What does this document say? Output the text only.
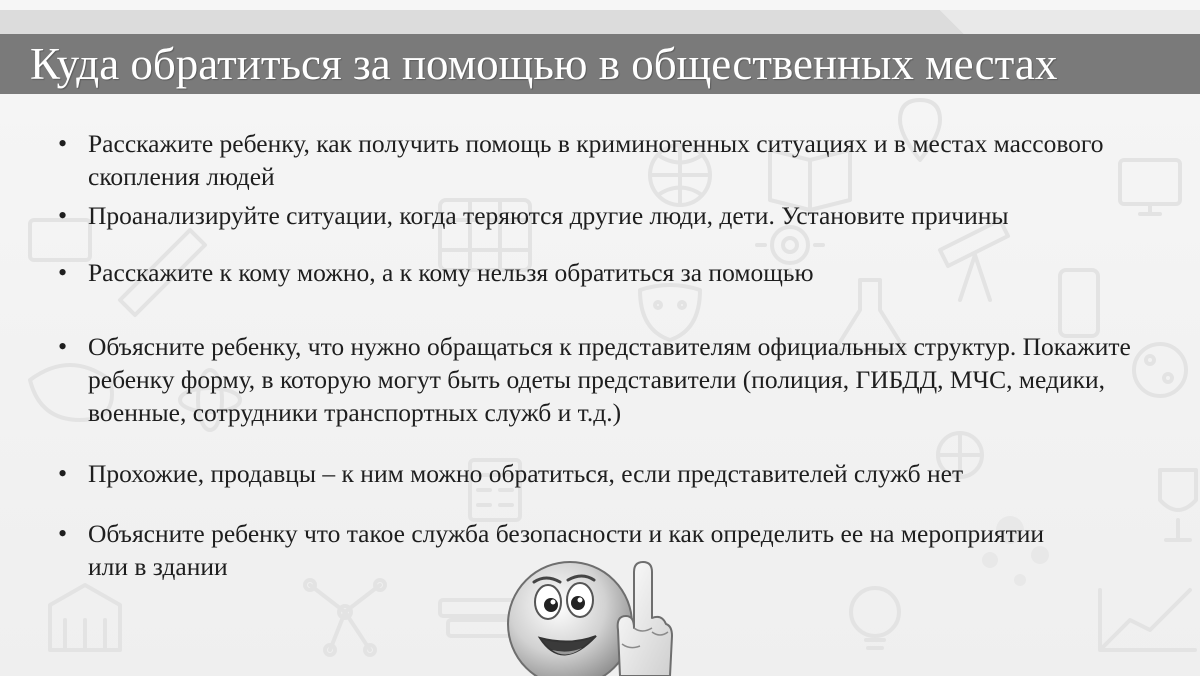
Куда обратиться за помощью в общественных местах
• Расскажите ребенку, как получить помощь в криминогенных ситуациях и в местах массового скопления людей
• Проанализируйте ситуации, когда теряются другие люди, дети. Установите причины
• Расскажите к кому можно, а к кому нельзя обратиться за помощью
• Объясните ребенку, что нужно обращаться к представителям официальных структур. Покажите ребенку форму, в которую могут быть одеты представители (полиция, ГИБДД, МЧС, медики, военные, сотрудники транспортных служб и т.д.)
• Прохожие, продавцы – к ним можно обратиться, если представителей служб нет
• Объясните ребенку что такое служба безопасности и как определить ее на мероприятии или в здании
